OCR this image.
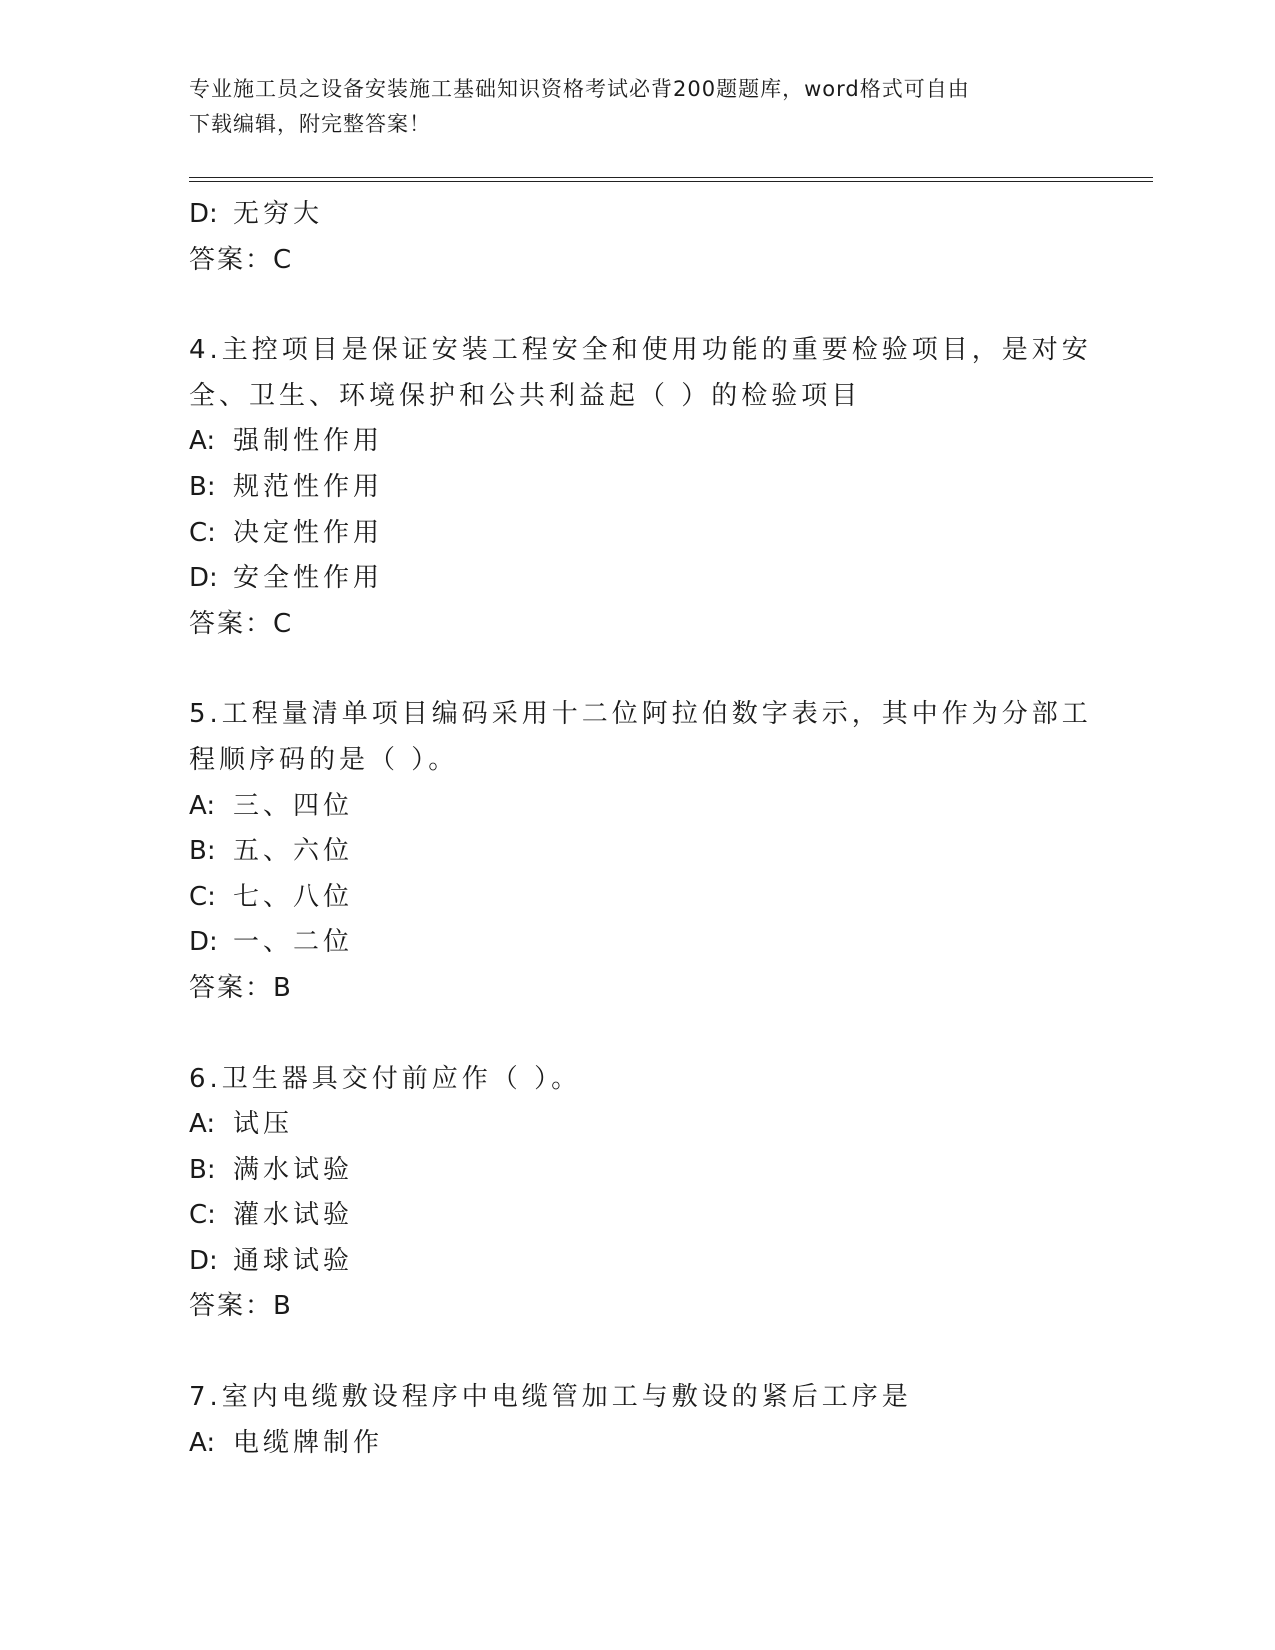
专业施工员之设备安装施工基础知识资格考试必背200题题库，word格式可自由
下载编辑，附完整答案！
D: 无穷大
答案：C
4.主控项目是保证安装工程安全和使用功能的重要检验项目，是对安
全、卫生、环境保护和公共利益起（ ）的检验项目
A: 强制性作用
B: 规范性作用
C: 决定性作用
D: 安全性作用
答案：C
5.工程量清单项目编码采用十二位阿拉伯数字表示，其中作为分部工
程顺序码的是（ ）。
A: 三、四位
B: 五、六位
C: 七、八位
D: 一、二位
答案：B
6.卫生器具交付前应作（ ）。
A: 试压
B: 满水试验
C: 灌水试验
D: 通球试验
答案：B
7.室内电缆敷设程序中电缆管加工与敷设的紧后工序是
A: 电缆牌制作
